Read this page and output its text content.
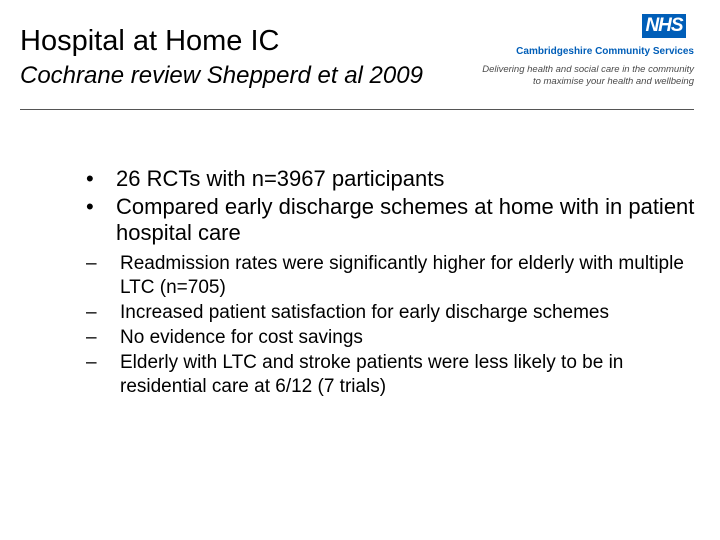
Hospital at Home IC
Cochrane review Shepperd et al 2009
NHS
Cambridgeshire Community Services
Delivering health and social care in the community
to maximise your health and wellbeing

• 26 RCTs with n=3967 participants

• Compared early discharge schemes at home with in patient hospital care

– Readmission rates were significantly higher for elderly with multiple LTC (n=705)

– Increased patient satisfaction for early discharge schemes

– No evidence for cost savings

– Elderly with LTC and stroke patients were less likely to be in residential care at 6/12 (7 trials)
